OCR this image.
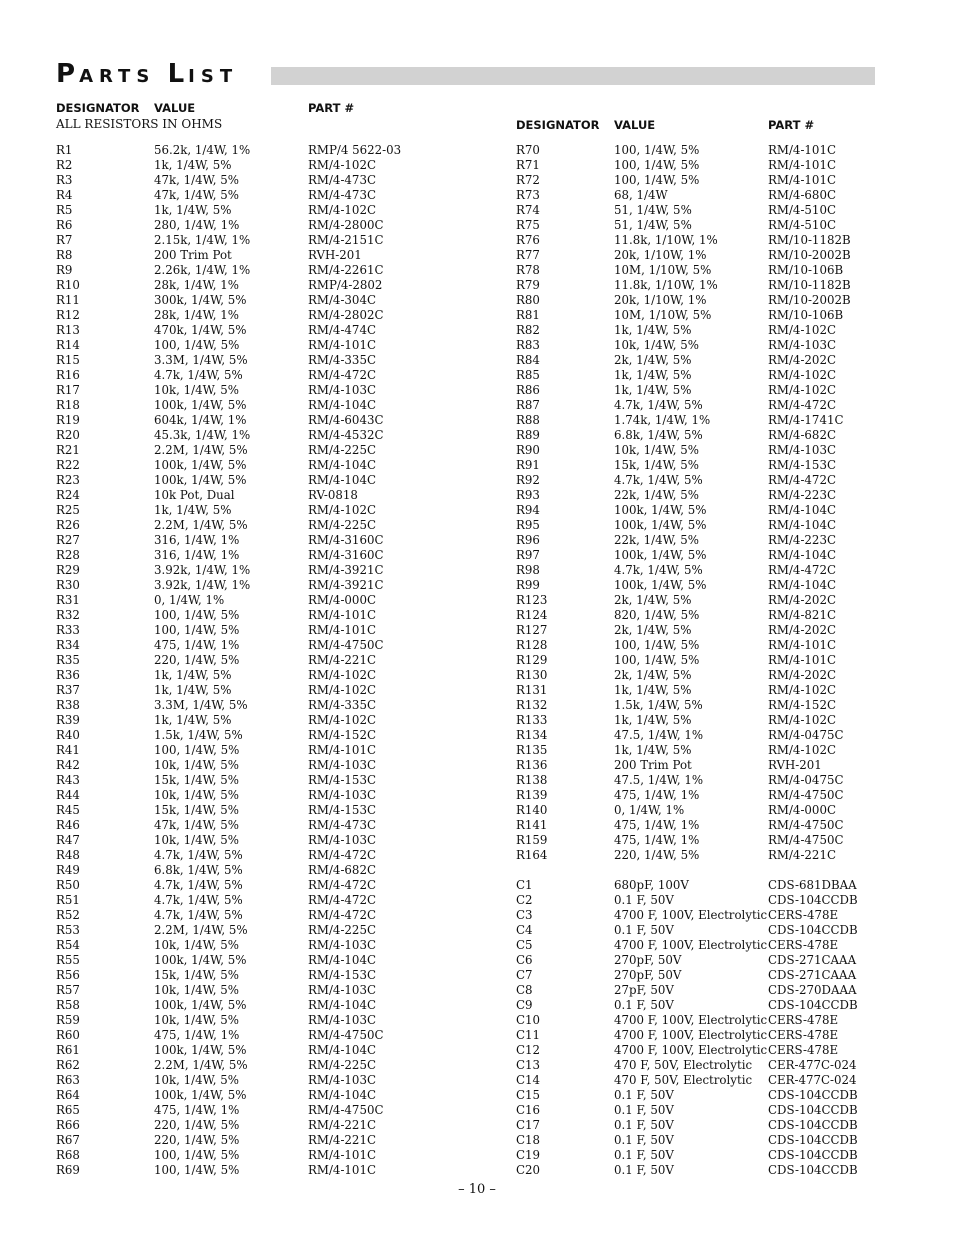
PARTS LIST
DESIGNATOR VALUE	PART #
ALL RESISTORS IN OHMS	DESIGNATOR VALUE	PART #
R1	56.2k, 1/4W, 1%	RMP/4 5622-03
R2	1k, 1/4W, 5%	RM/4-102C
R3	47k, 1/4W, 5%	RM/4-473C
R4	47k, 1/4W, 5%	RM/4-473C
R5	1k, 1/4W, 5%	RM/4-102C
R6	280, 1/4W, 1%	RM/4-2800C
R7	2.15k, 1/4W, 1%	RM/4-2151C
R8	200 Trim Pot	RVH-201
R9	2.26k, 1/4W, 1%	RM/4-2261C
R10	28k, 1/4W, 1%	RMP/4-2802
R11	300k, 1/4W, 5%	RM/4-304C
R12	28k, 1/4W, 1%	RM/4-2802C
R13	470k, 1/4W, 5%	RM/4-474C
R14	100, 1/4W, 5%	RM/4-101C
R15	3.3M, 1/4W, 5%	RM/4-335C
R16	4.7k, 1/4W, 5%	RM/4-472C
R17	10k, 1/4W, 5%	RM/4-103C
R18	100k, 1/4W, 5%	RM/4-104C
R19	604k, 1/4W, 1%	RM/4-6043C
R20	45.3k, 1/4W, 1%	RM/4-4532C
R21	2.2M, 1/4W, 5%	RM/4-225C
R22	100k, 1/4W, 5%	RM/4-104C
R23	100k, 1/4W, 5%	RM/4-104C
R24	10k Pot, Dual	RV-0818
R25	1k, 1/4W, 5%	RM/4-102C
R26	2.2M, 1/4W, 5%	RM/4-225C
R27	316, 1/4W, 1%	RM/4-3160C
R28	316, 1/4W, 1%	RM/4-3160C
R29	3.92k, 1/4W, 1%	RM/4-3921C
R30	3.92k, 1/4W, 1%	RM/4-3921C
R31	0, 1/4W, 1%	RM/4-000C
R32	100, 1/4W, 5%	RM/4-101C
R33	100, 1/4W, 5%	RM/4-101C
R34	475, 1/4W, 1%	RM/4-4750C
R35	220, 1/4W, 5%	RM/4-221C
R36	1k, 1/4W, 5%	RM/4-102C
R37	1k, 1/4W, 5%	RM/4-102C
R38	3.3M, 1/4W, 5%	RM/4-335C
R39	1k, 1/4W, 5%	RM/4-102C
R40	1.5k, 1/4W, 5%	RM/4-152C
R41	100, 1/4W, 5%	RM/4-101C
R42	10k, 1/4W, 5%	RM/4-103C
R43	15k, 1/4W, 5%	RM/4-153C
R44	10k, 1/4W, 5%	RM/4-103C
R45	15k, 1/4W, 5%	RM/4-153C
R46	47k, 1/4W, 5%	RM/4-473C
R47	10k, 1/4W, 5%	RM/4-103C
R48	4.7k, 1/4W, 5%	RM/4-472C
R49	6.8k, 1/4W, 5%	RM/4-682C
R50	4.7k, 1/4W, 5%	RM/4-472C
R51	4.7k, 1/4W, 5%	RM/4-472C
R52	4.7k, 1/4W, 5%	RM/4-472C
R53	2.2M, 1/4W, 5%	RM/4-225C
R54	10k, 1/4W, 5%	RM/4-103C
R55	100k, 1/4W, 5%	RM/4-104C
R56	15k, 1/4W, 5%	RM/4-153C
R57	10k, 1/4W, 5%	RM/4-103C
R58	100k, 1/4W, 5%	RM/4-104C
R59	10k, 1/4W, 5%	RM/4-103C
R60	475, 1/4W, 1%	RM/4-4750C
R61	100k, 1/4W, 5%	RM/4-104C
R62	2.2M, 1/4W, 5%	RM/4-225C
R63	10k, 1/4W, 5%	RM/4-103C
R64	100k, 1/4W, 5%	RM/4-104C
R65	475, 1/4W, 1%	RM/4-4750C
R66	220, 1/4W, 5%	RM/4-221C
R67	220, 1/4W, 5%	RM/4-221C
R68	100, 1/4W, 5%	RM/4-101C
R69	100, 1/4W, 5%	RM/4-101C
R70	100, 1/4W, 5%	RM/4-101C
R71	100, 1/4W, 5%	RM/4-101C
R72	100, 1/4W, 5%	RM/4-101C
R73	68, 1/4W	RM/4-680C
R74	51, 1/4W, 5%	RM/4-510C
R75	51, 1/4W, 5%	RM/4-510C
R76	11.8k, 1/10W, 1%	RM/10-1182B
R77	20k, 1/10W, 1%	RM/10-2002B
R78	10M, 1/10W, 5%	RM/10-106B
R79	11.8k, 1/10W, 1%	RM/10-1182B
R80	20k, 1/10W, 1%	RM/10-2002B
R81	10M, 1/10W, 5%	RM/10-106B
R82	1k, 1/4W, 5%	RM/4-102C
R83	10k, 1/4W, 5%	RM/4-103C
R84	2k, 1/4W, 5%	RM/4-202C
R85	1k, 1/4W, 5%	RM/4-102C
R86	1k, 1/4W, 5%	RM/4-102C
R87	4.7k, 1/4W, 5%	RM/4-472C
R88	1.74k, 1/4W, 1%	RM/4-1741C
R89	6.8k, 1/4W, 5%	RM/4-682C
R90	10k, 1/4W, 5%	RM/4-103C
R91	15k, 1/4W, 5%	RM/4-153C
R92	4.7k, 1/4W, 5%	RM/4-472C
R93	22k, 1/4W, 5%	RM/4-223C
R94	100k, 1/4W, 5%	RM/4-104C
R95	100k, 1/4W, 5%	RM/4-104C
R96	22k, 1/4W, 5%	RM/4-223C
R97	100k, 1/4W, 5%	RM/4-104C
R98	4.7k, 1/4W, 5%	RM/4-472C
R99	100k, 1/4W, 5%	RM/4-104C
R123	2k, 1/4W, 5%	RM/4-202C
R124	820, 1/4W, 5%	RM/4-821C
R127	2k, 1/4W, 5%	RM/4-202C
R128	100, 1/4W, 5%	RM/4-101C
R129	100, 1/4W, 5%	RM/4-101C
R130	2k, 1/4W, 5%	RM/4-202C
R131	1k, 1/4W, 5%	RM/4-102C
R132	1.5k, 1/4W, 5%	RM/4-152C
R133	1k, 1/4W, 5%	RM/4-102C
R134	47.5, 1/4W, 1%	RM/4-0475C
R135	1k, 1/4W, 5%	RM/4-102C
R136	200 Trim Pot	RVH-201
R138	47.5, 1/4W, 1%	RM/4-0475C
R139	475, 1/4W, 1%	RM/4-4750C
R140	0, 1/4W, 1%	RM/4-000C
R141	475, 1/4W, 1%	RM/4-4750C
R159	475, 1/4W, 1%	RM/4-4750C
R164	220, 1/4W, 5%	RM/4-221C
C1	680pF, 100V	CDS-681DBAA
C2	0.1 F, 50V	CDS-104CCDB
C3	4700 F, 100V, Electrolytic CERS-478E
C4	0.1 F, 50V	CDS-104CCDB
C5	4700 F, 100V, Electrolytic CERS-478E
C6	270pF, 50V	CDS-271CAAA
C7	270pF, 50V	CDS-271CAAA
C8	27pF, 50V	CDS-270DAAA
C9	0.1 F, 50V	CDS-104CCDB
C10	4700 F, 100V, Electrolytic CERS-478E
C11	4700 F, 100V, Electrolytic CERS-478E
C12	4700 F, 100V, Electrolytic CERS-478E
C13	470 F, 50V, Electrolytic CER-477C-024
C14	470 F, 50V, Electrolytic CER-477C-024
C15	0.1 F, 50V	CDS-104CCDB
C16	0.1 F, 50V	CDS-104CCDB
C17	0.1 F, 50V	CDS-104CCDB
C18	0.1 F, 50V	CDS-104CCDB
C19	0.1 F, 50V	CDS-104CCDB
C20	0.1 F, 50V	CDS-104CCDB
– 10 –
